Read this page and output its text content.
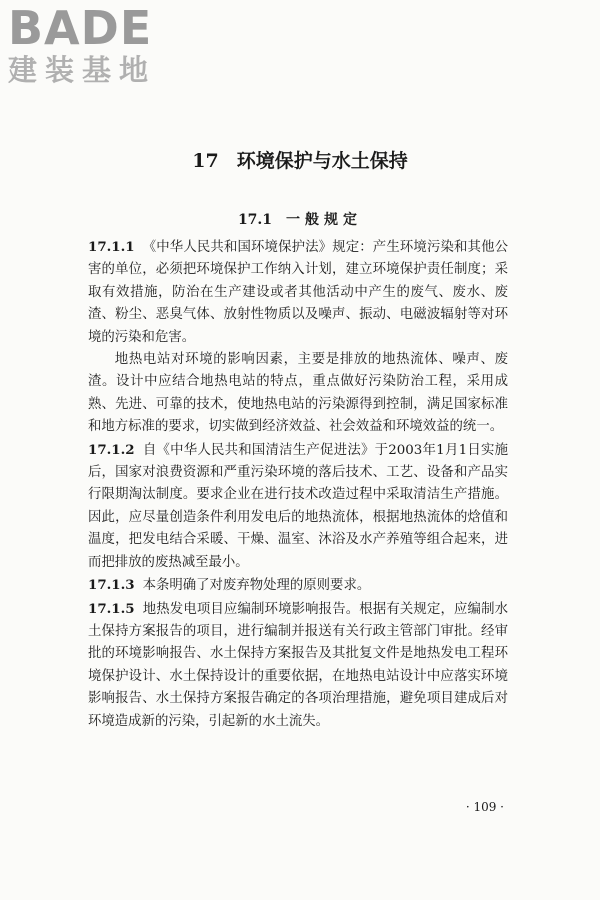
BADE
建装基地
17 环境保护与水土保持
17.1 一般规定

17.1.1 《中华人民共和国环境保护法》规定：产生环境污染和其他公害的单位，必须把环境保护工作纳入计划，建立环境保护责任制度；采取有效措施，防治在生产建设或者其他活动中产生的废气、废水、废渣、粉尘、恶臭气体、放射性物质以及噪声、振动、电磁波辐射等对环境的污染和危害。

地热电站对环境的影响因素，主要是排放的地热流体、噪声、废渣。设计中应结合地热电站的特点，重点做好污染防治工程，采用成熟、先进、可靠的技术，使地热电站的污染源得到控制，满足国家标准和地方标准的要求，切实做到经济效益、社会效益和环境效益的统一。

17.1.2 自《中华人民共和国清洁生产促进法》于2003年1月1日实施后，国家对浪费资源和严重污染环境的落后技术、工艺、设备和产品实行限期淘汰制度。要求企业在进行技术改造过程中采取清洁生产措施。因此，应尽量创造条件利用发电后的地热流体，根据地热流体的焓值和温度，把发电结合采暖、干燥、温室、沐浴及水产养殖等组合起来，进而把排放的废热减至最小。

17.1.3 本条明确了对废弃物处理的原则要求。

17.1.5 地热发电项目应编制环境影响报告。根据有关规定，应编制水土保持方案报告的项目，进行编制并报送有关行政主管部门审批。经审批的环境影响报告、水土保持方案报告及其批复文件是地热发电工程环境保护设计、水土保持设计的重要依据，在地热电站设计中应落实环境影响报告、水土保持方案报告确定的各项治理措施，避免项目建成后对环境造成新的污染，引起新的水土流失。

· 109 ·
